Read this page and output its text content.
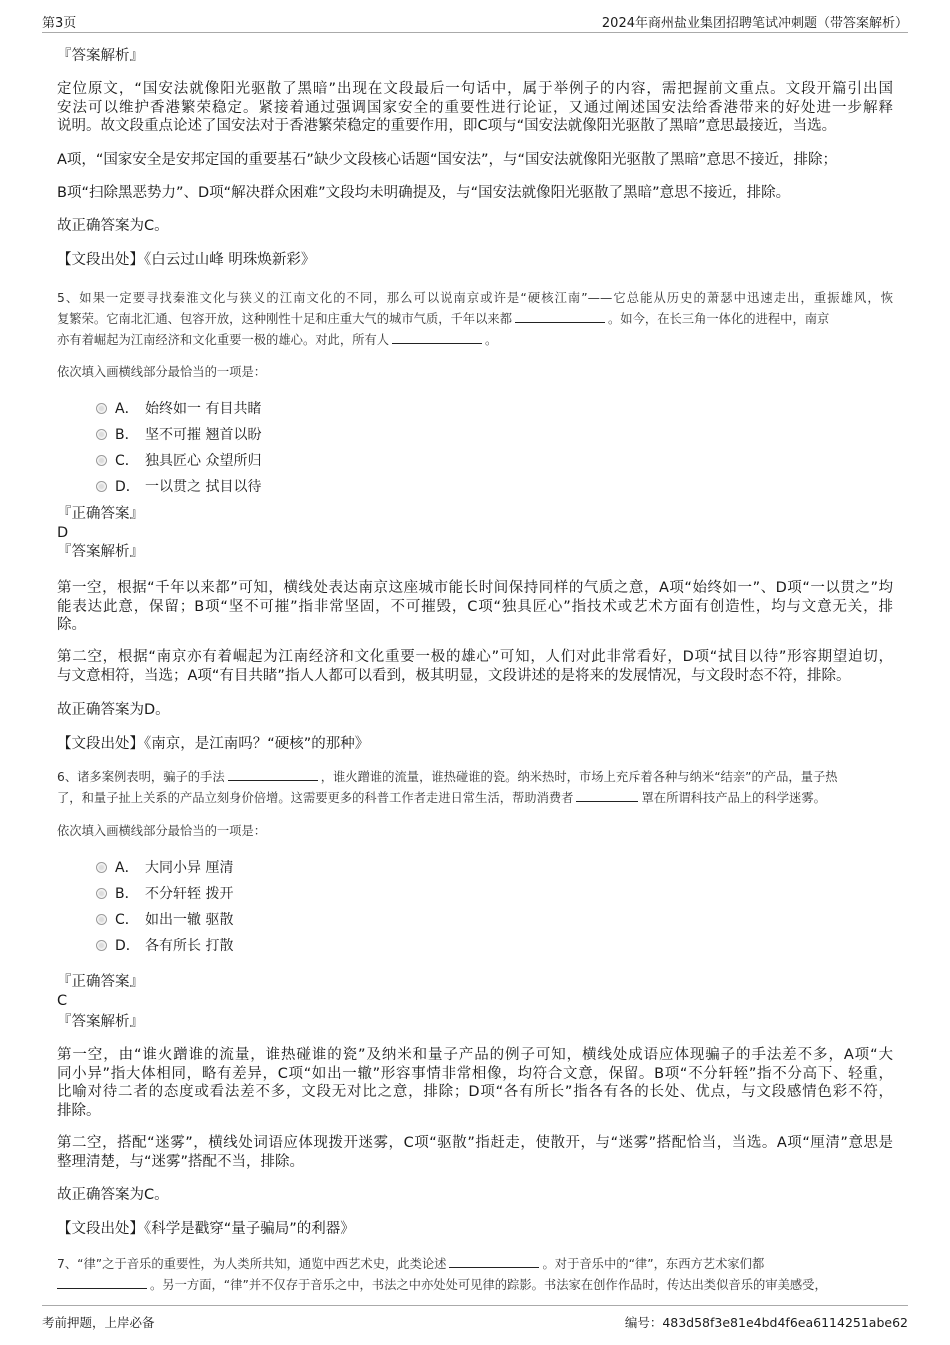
第3页	2024年商州盐业集团招聘笔试冲刺题（带答案解析）
『答案解析』
定位原文，“国安法就像阳光驱散了黑暗”出现在文段最后一句话中，属于举例子的内容，需把握前文重点。文段开篇引出国
安法可以维护香港繁荣稳定。紧接着通过强调国家安全的重要性进行论证，又通过阐述国安法给香港带来的好处进一步解释
说明。故文段重点论述了国安法对于香港繁荣稳定的重要作用，即C项与“国安法就像阳光驱散了黑暗”意思最接近，当选。
A项，“国家安全是安邦定国的重要基石”缺少文段核心话题“国安法”，与“国安法就像阳光驱散了黑暗”意思不接近，排除；
B项“扫除黑恶势力”、D项“解决群众困难”文段均未明确提及，与“国安法就像阳光驱散了黑暗”意思不接近，排除。
故正确答案为C。
【文段出处】《白云过山峰 明珠焕新彩》
5、如果一定要寻找秦淮文化与狭义的江南文化的不同，那么可以说南京或许是“硬核江南”——它总能从历史的萧瑟中迅速走出，重振雄风，恢
复繁荣。它南北汇通、包容开放，这种刚性十足和庄重大气的城市气质，千年以来都	。如今，在长三角一体化的进程中，南京
亦有着崛起为江南经济和文化重要一极的雄心。对此，所有人	。
依次填入画横线部分最恰当的一项是：
A． 始终如一 有目共睹
B． 坚不可摧 翘首以盼
C． 独具匠心 众望所归
D． 一以贯之 拭目以待
『正确答案』
D
『答案解析』
第一空，根据“千年以来都”可知，横线处表达南京这座城市能长时间保持同样的气质之意，A项“始终如一”、D项“一以贯之”均
能表达此意，保留；B项“坚不可摧”指非常坚固，不可摧毁，C项“独具匠心”指技术或艺术方面有创造性，均与文意无关，排
除。
第二空，根据“南京亦有着崛起为江南经济和文化重要一极的雄心”可知，人们对此非常看好，D项“拭目以待”形容期望迫切，
与文意相符，当选；A项“有目共睹”指人人都可以看到，极其明显，文段讲述的是将来的发展情况，与文段时态不符，排除。
故正确答案为D。
【文段出处】《南京，是江南吗？“硬核”的那种》
6、诸多案例表明，骗子的手法	，谁火蹭谁的流量，谁热碰谁的瓷。纳米热时，市场上充斥着各种与纳米“结亲”的产品，量子热
了，和量子扯上关系的产品立刻身价倍增。这需要更多的科普工作者走进日常生活，帮助消费者	罩在所谓科技产品上的科学迷雾。
依次填入画横线部分最恰当的一项是：
A． 大同小异 厘清
B． 不分轩轾 拨开
C． 如出一辙 驱散
D． 各有所长 打散
『正确答案』
C
『答案解析』
第一空，由“谁火蹭谁的流量，谁热碰谁的瓷”及纳米和量子产品的例子可知，横线处成语应体现骗子的手法差不多，A项“大
同小异”指大体相同，略有差异，C项“如出一辙”形容事情非常相像，均符合文意，保留。B项“不分轩轾”指不分高下、轻重，
比喻对待二者的态度或看法差不多，文段无对比之意，排除；D项“各有所长”指各有各的长处、优点，与文段感情色彩不符，
排除。
第二空，搭配“迷雾”，横线处词语应体现拨开迷雾，C项“驱散”指赶走，使散开，与“迷雾”搭配恰当，当选。A项“厘清”意思是
整理清楚，与“迷雾”搭配不当，排除。
故正确答案为C。
【文段出处】《科学是戳穿“量子骗局”的利器》
7、“律”之于音乐的重要性，为人类所共知，通览中西艺术史，此类论述	。对于音乐中的“律”，东西方艺术家们都
。另一方面，“律”并不仅存于音乐之中，书法之中亦处处可见律的踪影。书法家在创作作品时，传达出类似音乐的审美感受，
考前押题，上岸必备	编号：483d58f3e81e4bd4f6ea6114251abe62
